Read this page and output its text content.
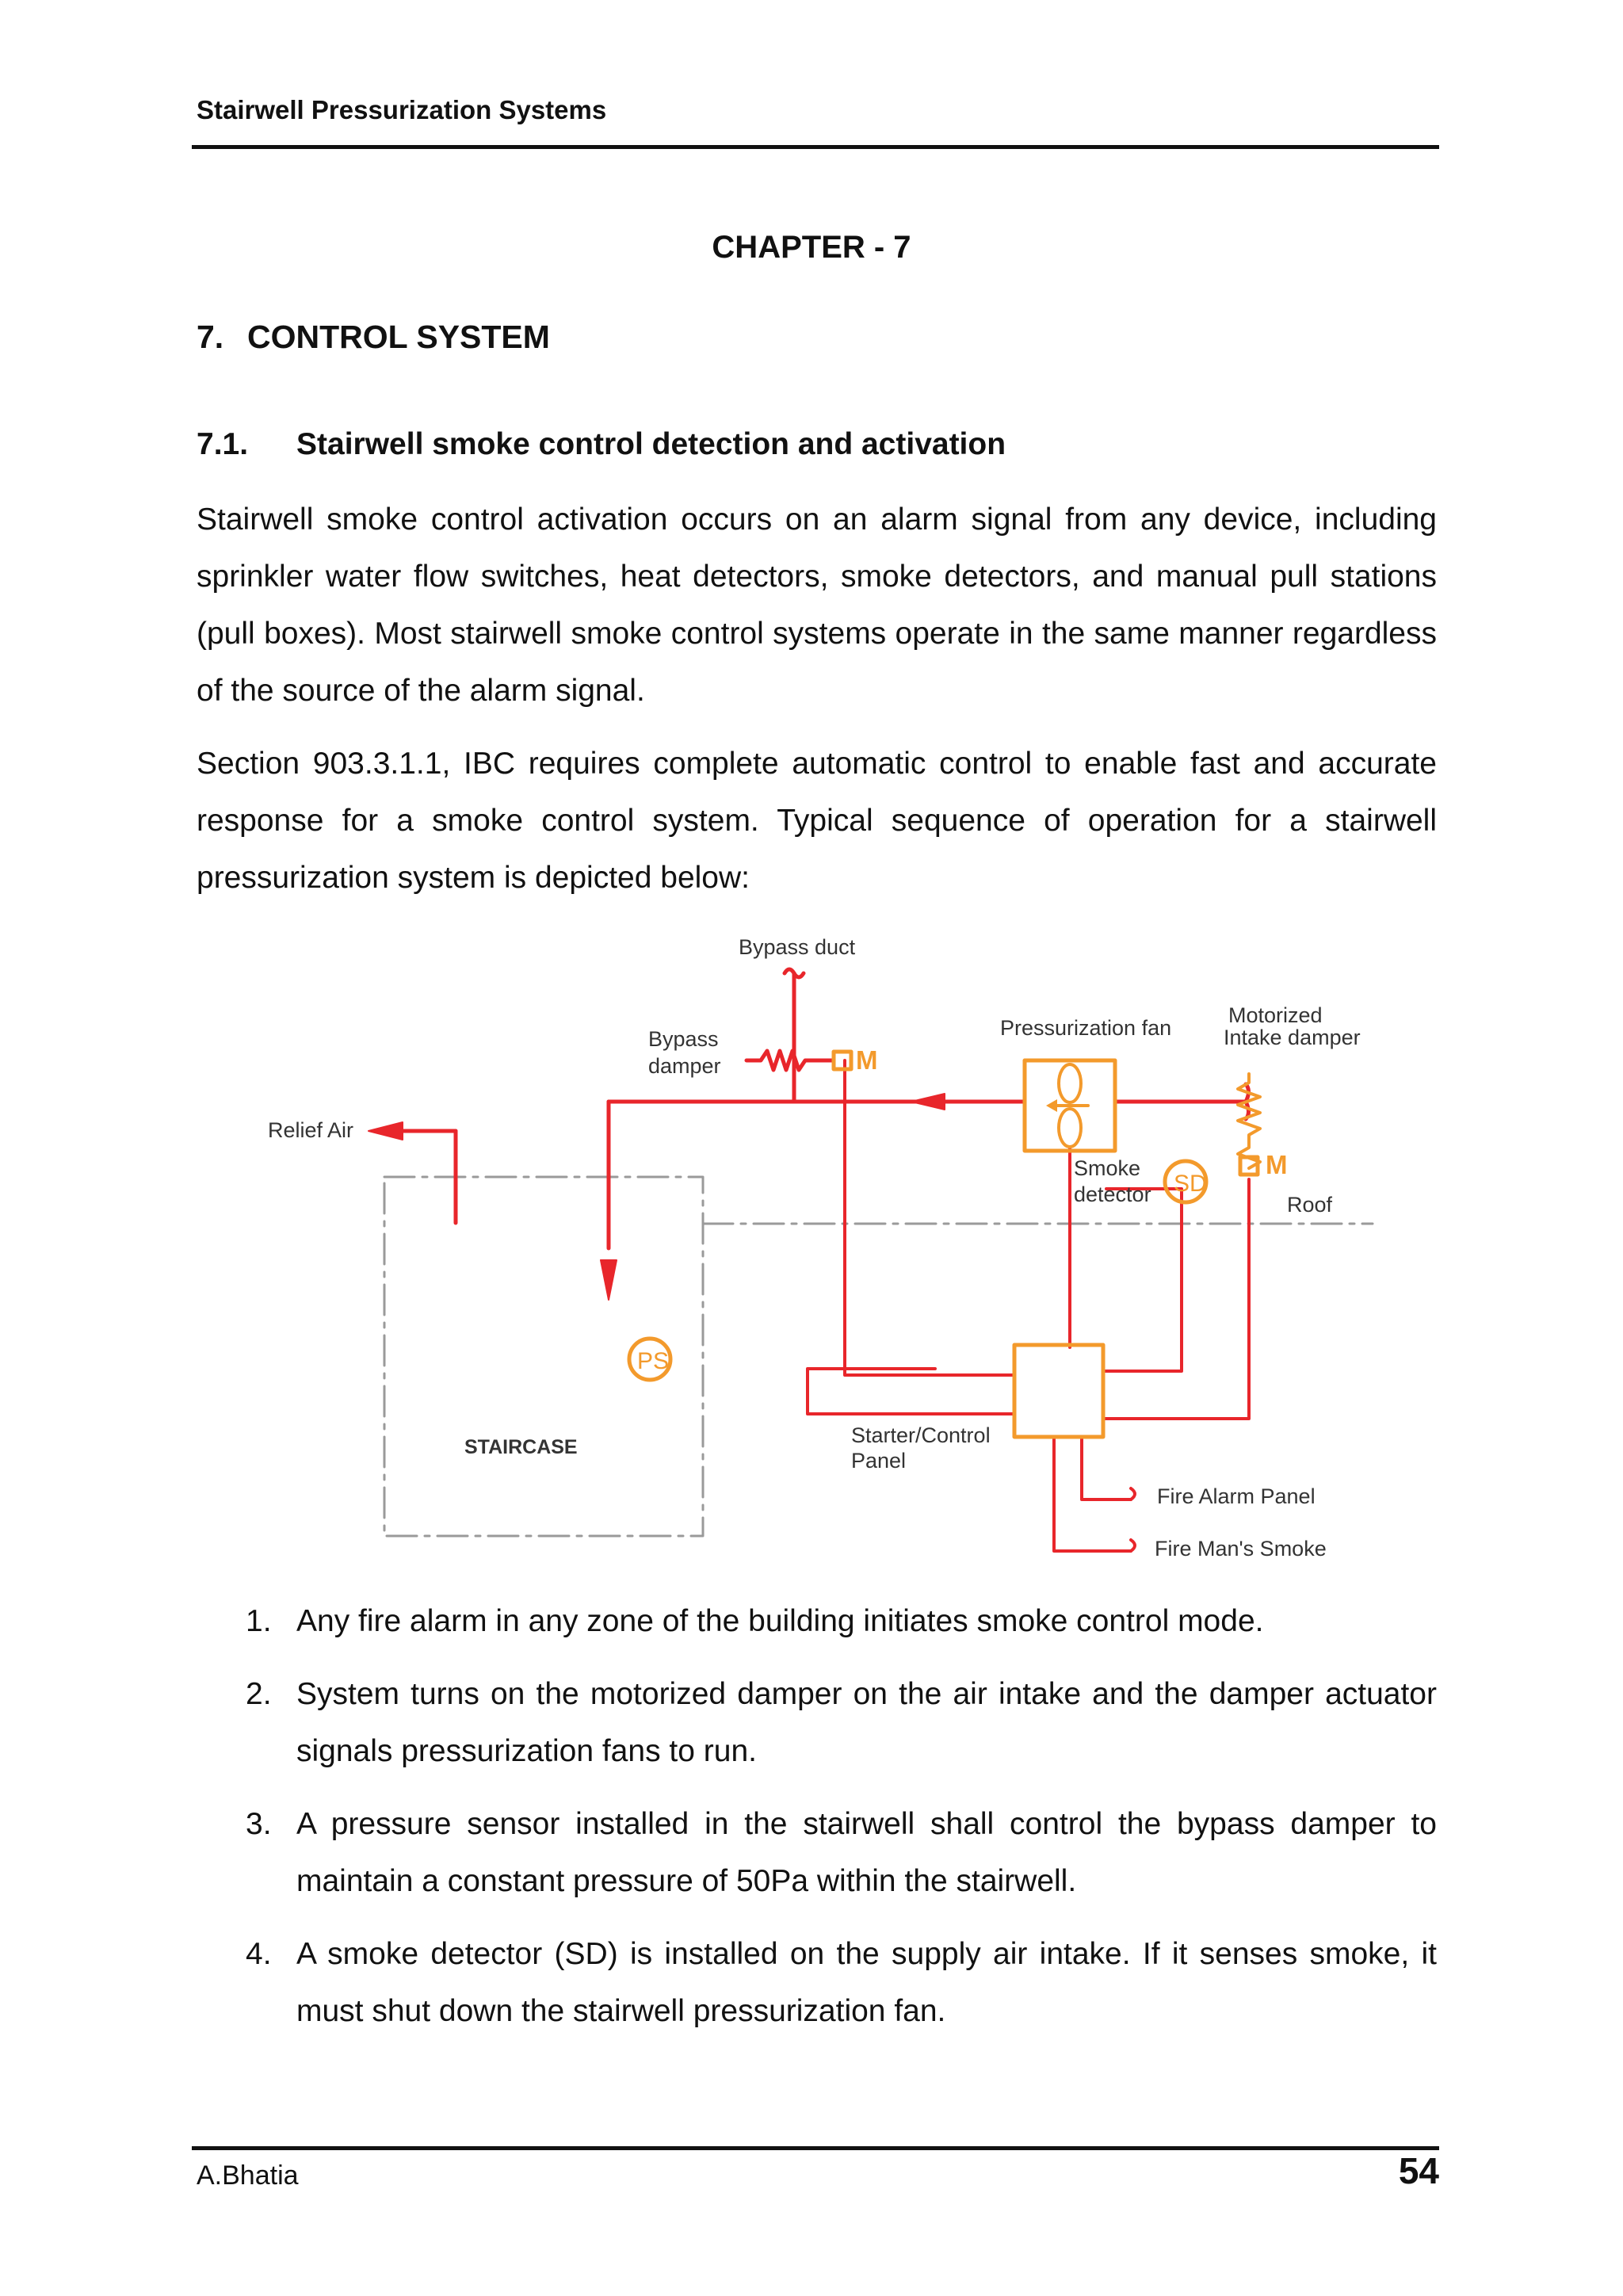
Stairwell Pressurization Systems
CHAPTER - 7
7. CONTROL SYSTEM
7.1. Stairwell smoke control detection and activation

Stairwell smoke control activation occurs on an alarm signal from any device, including sprinkler water flow switches, heat detectors, smoke detectors, and manual pull stations (pull boxes). Most stairwell smoke control systems operate in the same manner regardless of the source of the alarm signal.

Section 903.3.1.1, IBC requires complete automatic control to enable fast and accurate response for a smoke control system. Typical sequence of operation for a stairwell pressurization system is depicted below:

Bypass duct
Bypass
damper	M
Pressurization fan
Motorized
Intake damper
Relief Air
Smoke
detector SD
M
Roof
PS
STAIRCASE	Starter/Control
Panel
Fire Alarm Panel
Fire Man's Smoke
1. Any fire alarm in any zone of the building initiates smoke control mode.
2. System turns on the motorized damper on the air intake and the damper actuator signals pressurization fans to run.
3. A pressure sensor installed in the stairwell shall control the bypass damper to maintain a constant pressure of 50Pa within the stairwell.
4. A smoke detector (SD) is installed on the supply air intake. If it senses smoke, it must shut down the stairwell pressurization fan.
A.Bhatia	54
